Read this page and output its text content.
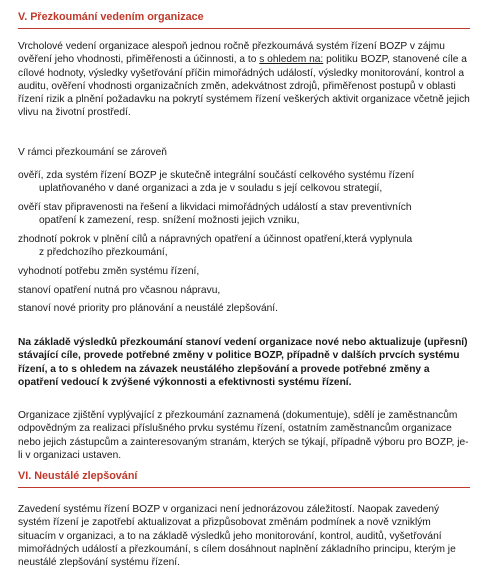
V. Přezkoumání vedením organizace

Vrcholové vedení organizace alespoň jednou ročně přezkoumává systém řízení BOZP v zájmu ověření jeho vhodnosti, přiměřenosti a účinnosti, a to s ohledem na: politiku BOZP, stanovené cíle a cílové hodnoty, výsledky vyšetřování příčin mimořádných událostí, výsledky monitorování, kontrol a auditu, ověření vhodnosti organizačních změn, adekvátnost zdrojů, přiměřenost postupů v oblasti řízení rizik a plnění požadavku na pokrytí systémem řízení veškerých aktivit organizace včetně jejich vlivu na životní prostředí.

V rámci přezkoumání se zároveň

ověří, zda systém řízení BOZP je skutečně integrální součástí celkového systému řízení
uplatňovaného v dané organizaci a zda je v souladu s její celkovou strategií,
ověří stav připravenosti na řešení a likvidaci mimořádných událostí a stav preventivních
opatření k zamezení, resp. snížení možnosti jejich vzniku,
zhodnotí pokrok v plnění cílů a nápravných opatření a účinnost opatření,která vyplynula
z předchozího přezkoumání,
vyhodnotí potřebu změn systému řízení,
stanoví opatření nutná pro včasnou nápravu,
stanoví nové priority pro plánování a neustálé zlepšování.

Na základě výsledků přezkoumání stanoví vedení organizace nové nebo aktualizuje (upřesní) stávající cíle, provede potřebné změny v politice BOZP, případně v dalších prvcích systému řízení, a to s ohledem na závazek neustálého zlepšování a provede potřebné změny a opatření vedoucí k zvýšené výkonnosti a efektivnosti systému řízení.

Organizace zjištění vyplývající z přezkoumání zaznamená (dokumentuje), sdělí je zaměstnancům odpovědným za realizaci příslušného prvku systému řízení, ostatním zaměstnancům organizace nebo jejich zástupcům a zainteresovaným stranám, kterých se týkají, případně výboru pro BOZP, je-li v organizaci ustaven.

VI. Neustálé zlepšování

Zavedení systému řízení BOZP v organizaci není jednorázovou záležitostí. Naopak zavedený systém řízení je zapotřebí aktualizovat a přizpůsobovat změnám podmínek a nově vzniklým situacím v organizaci, a to na základě výsledků jeho monitorování, kontrol, auditů, vyšetřování mimořádných událostí a přezkoumání, s cílem dosáhnout naplnění základního principu, kterým je neustálé zlepšování systému řízení.
